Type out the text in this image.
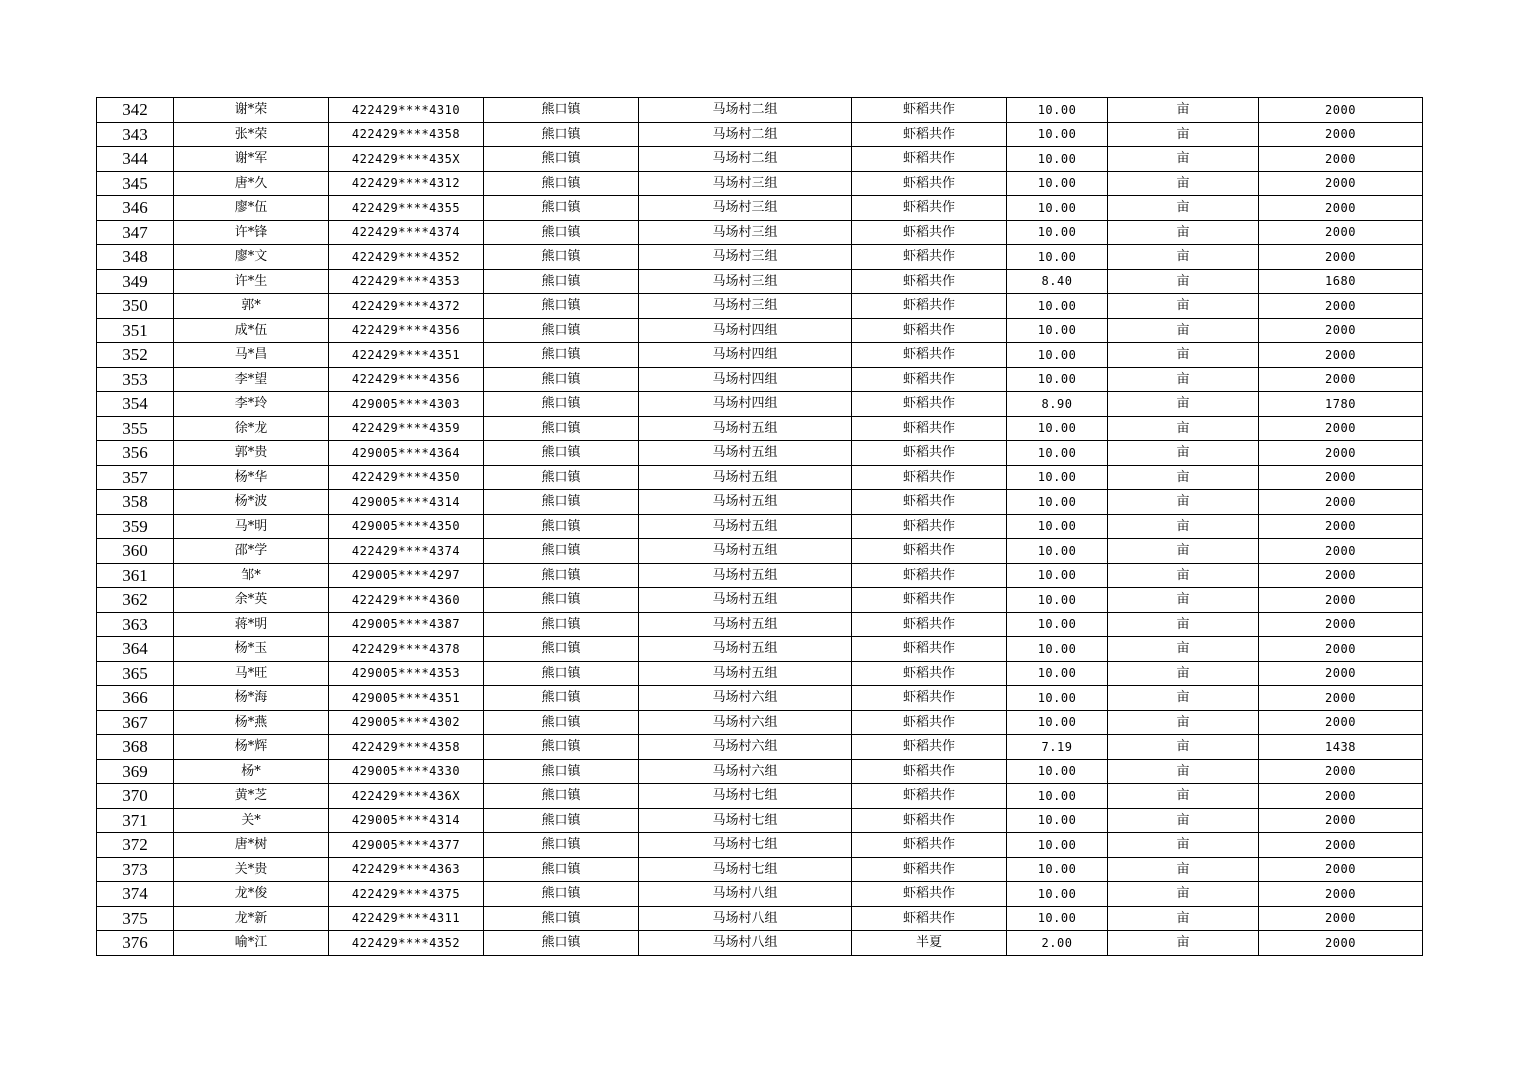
342	谢*荣	422429****4310	熊口镇	马场村二组	虾稻共作	10.00	亩	2000
343	张*荣	422429****4358	熊口镇	马场村二组	虾稻共作	10.00	亩	2000
344	谢*军	422429****435X	熊口镇	马场村二组	虾稻共作	10.00	亩	2000
345	唐*久	422429****4312	熊口镇	马场村三组	虾稻共作	10.00	亩	2000
346	廖*伍	422429****4355	熊口镇	马场村三组	虾稻共作	10.00	亩	2000
347	许*锋	422429****4374	熊口镇	马场村三组	虾稻共作	10.00	亩	2000
348	廖*文	422429****4352	熊口镇	马场村三组	虾稻共作	10.00	亩	2000
349	许*生	422429****4353	熊口镇	马场村三组	虾稻共作	8.40	亩	1680
350	郭*	422429****4372	熊口镇	马场村三组	虾稻共作	10.00	亩	2000
351	成*伍	422429****4356	熊口镇	马场村四组	虾稻共作	10.00	亩	2000
352	马*昌	422429****4351	熊口镇	马场村四组	虾稻共作	10.00	亩	2000
353	李*望	422429****4356	熊口镇	马场村四组	虾稻共作	10.00	亩	2000
354	李*玲	429005****4303	熊口镇	马场村四组	虾稻共作	8.90	亩	1780
355	徐*龙	422429****4359	熊口镇	马场村五组	虾稻共作	10.00	亩	2000
356	郭*贵	429005****4364	熊口镇	马场村五组	虾稻共作	10.00	亩	2000
357	杨*华	422429****4350	熊口镇	马场村五组	虾稻共作	10.00	亩	2000
358	杨*波	429005****4314	熊口镇	马场村五组	虾稻共作	10.00	亩	2000
359	马*明	429005****4350	熊口镇	马场村五组	虾稻共作	10.00	亩	2000
360	邵*学	422429****4374	熊口镇	马场村五组	虾稻共作	10.00	亩	2000
361	邹*	429005****4297	熊口镇	马场村五组	虾稻共作	10.00	亩	2000
362	余*英	422429****4360	熊口镇	马场村五组	虾稻共作	10.00	亩	2000
363	蒋*明	429005****4387	熊口镇	马场村五组	虾稻共作	10.00	亩	2000
364	杨*玉	422429****4378	熊口镇	马场村五组	虾稻共作	10.00	亩	2000
365	马*旺	429005****4353	熊口镇	马场村五组	虾稻共作	10.00	亩	2000
366	杨*海	429005****4351	熊口镇	马场村六组	虾稻共作	10.00	亩	2000
367	杨*燕	429005****4302	熊口镇	马场村六组	虾稻共作	10.00	亩	2000
368	杨*辉	422429****4358	熊口镇	马场村六组	虾稻共作	7.19	亩	1438
369	杨*	429005****4330	熊口镇	马场村六组	虾稻共作	10.00	亩	2000
370	黄*芝	422429****436X	熊口镇	马场村七组	虾稻共作	10.00	亩	2000
371	关*	429005****4314	熊口镇	马场村七组	虾稻共作	10.00	亩	2000
372	唐*树	429005****4377	熊口镇	马场村七组	虾稻共作	10.00	亩	2000
373	关*贵	422429****4363	熊口镇	马场村七组	虾稻共作	10.00	亩	2000
374	龙*俊	422429****4375	熊口镇	马场村八组	虾稻共作	10.00	亩	2000
375	龙*新	422429****4311	熊口镇	马场村八组	虾稻共作	10.00	亩	2000
376	喻*江	422429****4352	熊口镇	马场村八组	半夏	2.00	亩	2000
